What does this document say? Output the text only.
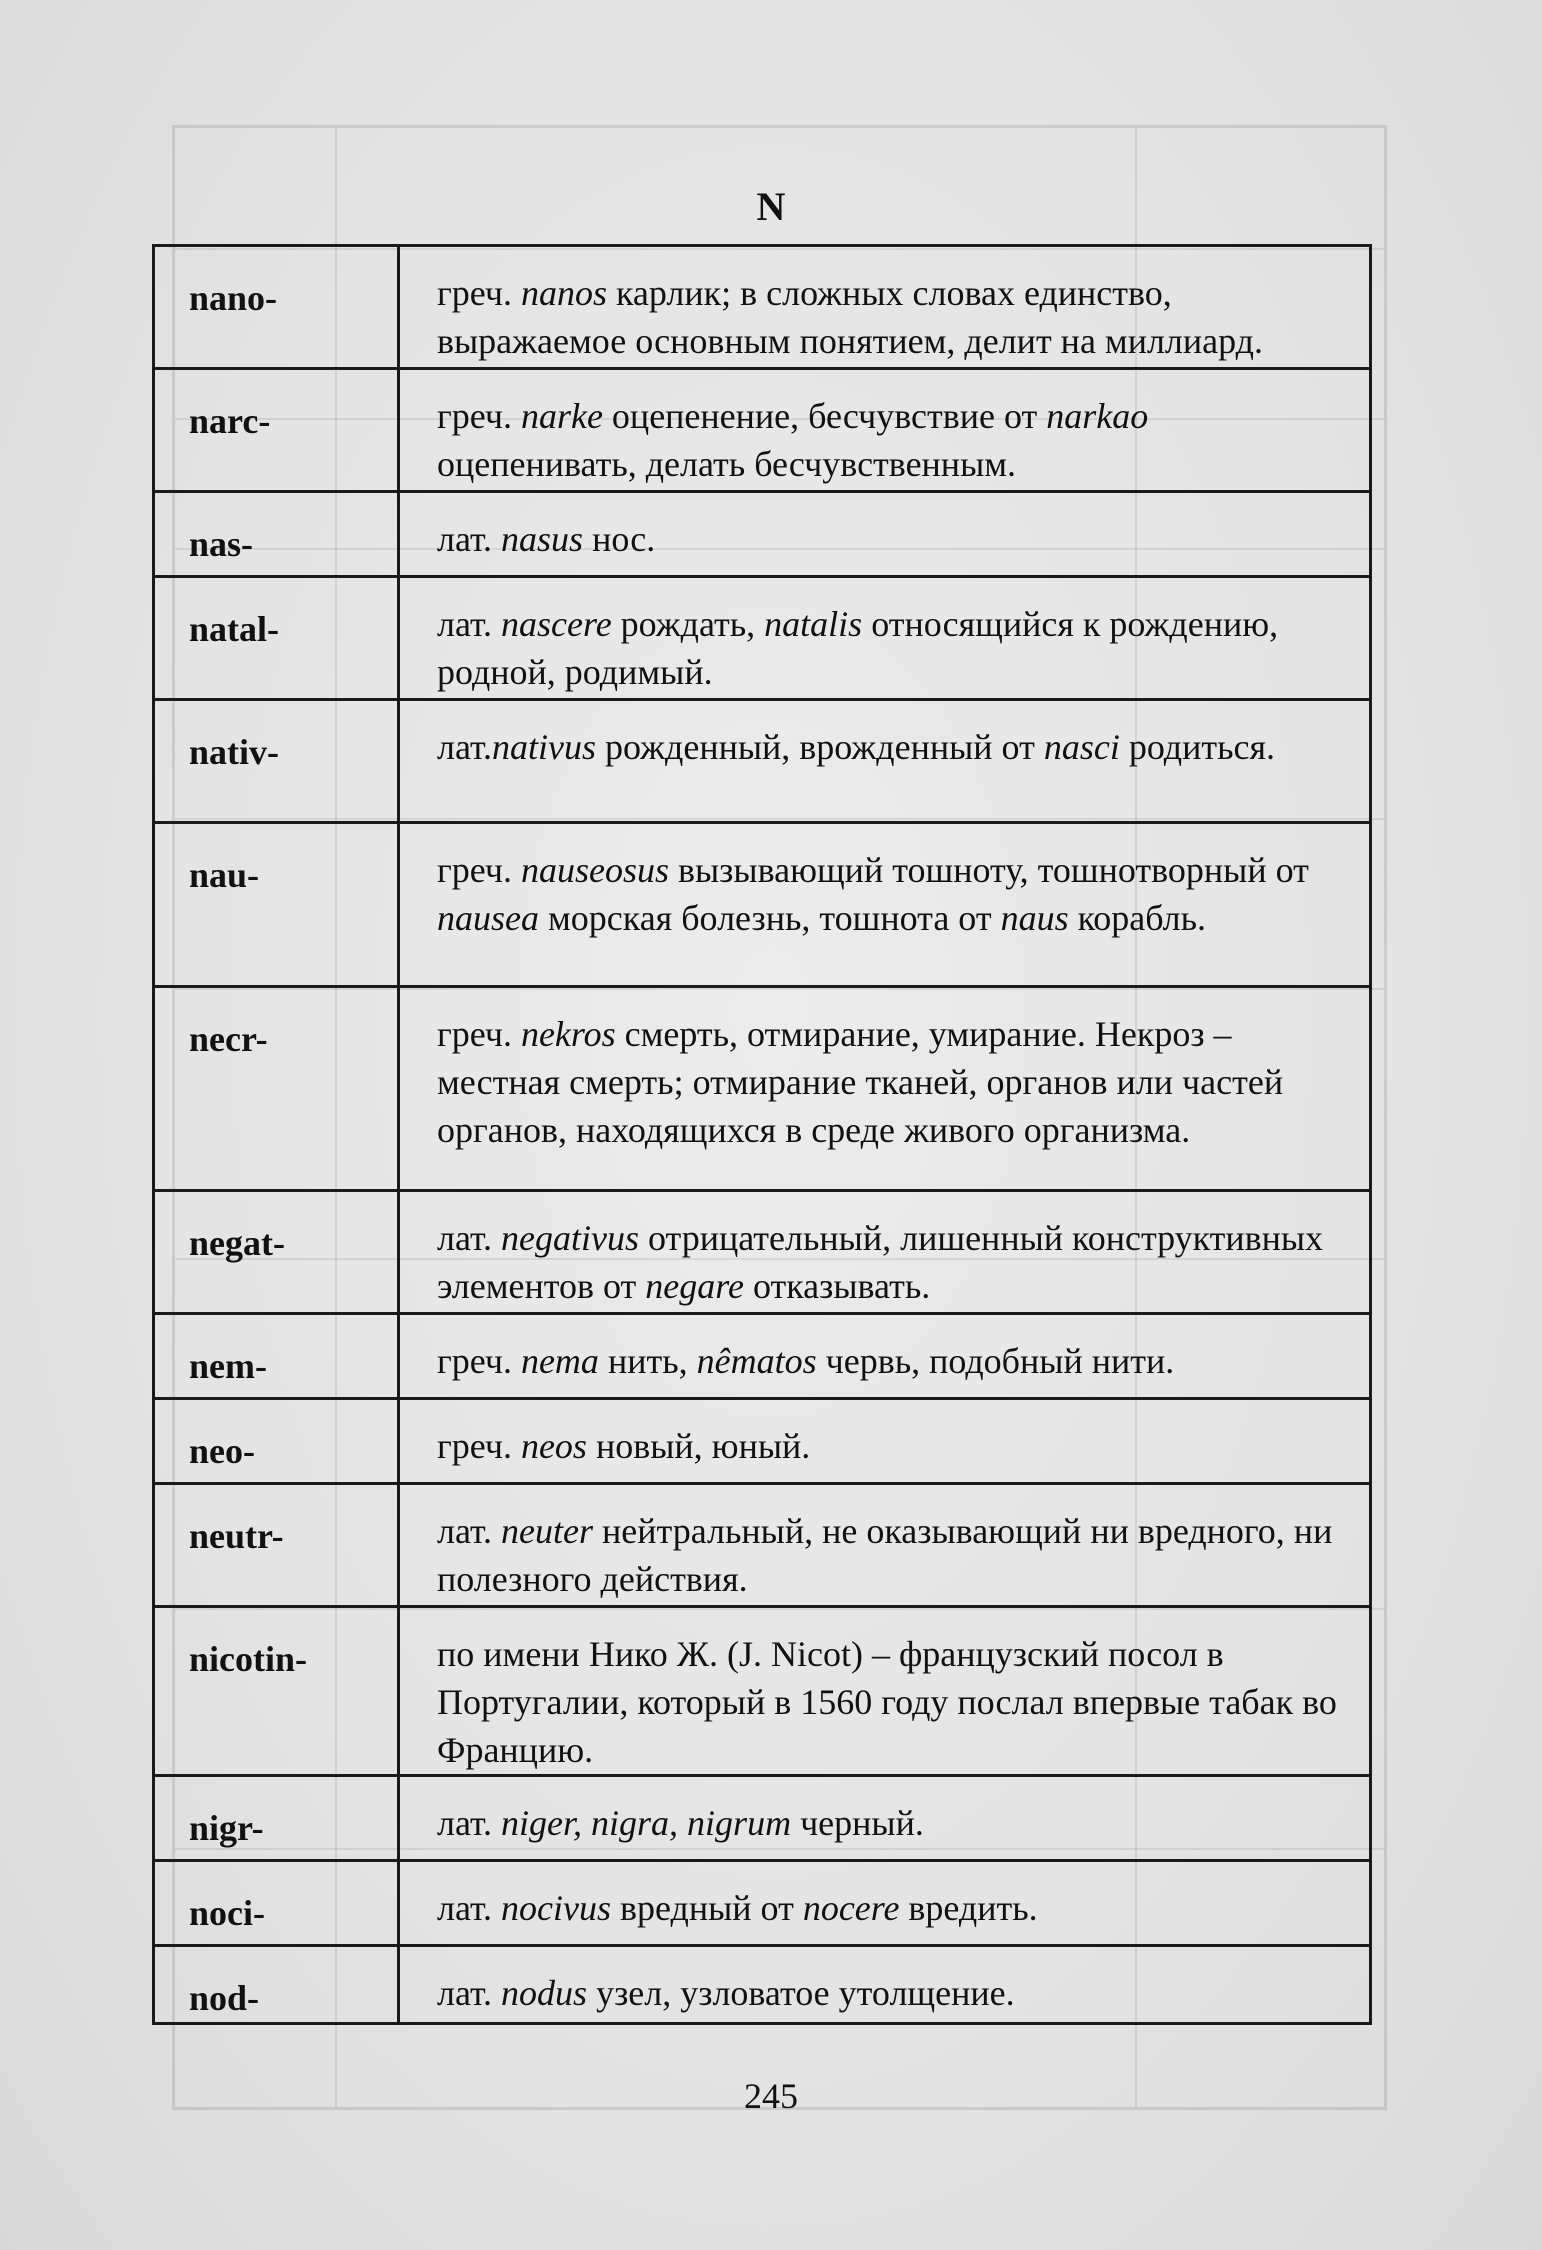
N
nano-	греч. nanos карлик; в сложных словах единство, выражаемое основным понятием, делит на миллиард.
narc-	греч. narke оцепенение, бесчувствие от narkao оцепенивать, делать бесчувственным.
nas-	лат. nasus нос.
natal-	лат. nascere рождать, natalis относящийся к рождению, родной, родимый.
nativ-	лат.nativus рожденный, врожденный от nasci родиться.
nau-	греч. nauseosus вызывающий тошноту, тошнотворный от nausea морская болезнь, тошнота от naus корабль.
necr-	греч. nekros смерть, отмирание, умирание. Некроз – местная смерть; отмирание тканей, органов или частей органов, находящихся в среде живого организма.
negat-	лат. negativus отрицательный, лишенный конструктивных элементов от negare отказывать.
nem-	греч. nema нить, nêmatos червь, подобный нити.
neo-	греч. neos новый, юный.
neutr-	лат. neuter нейтральный, не оказывающий ни вредного, ни полезного действия.
nicotin-	по имени Нико Ж. (J. Nicot) – французский посол в Португалии, который в 1560 году послал впервые табак во Францию.
nigr-	лат. niger, nigra, nigrum черный.
noci-	лат. nocivus вредный от nocere вредить.
nod-	лат. nodus узел, узловатое утолщение.
245
